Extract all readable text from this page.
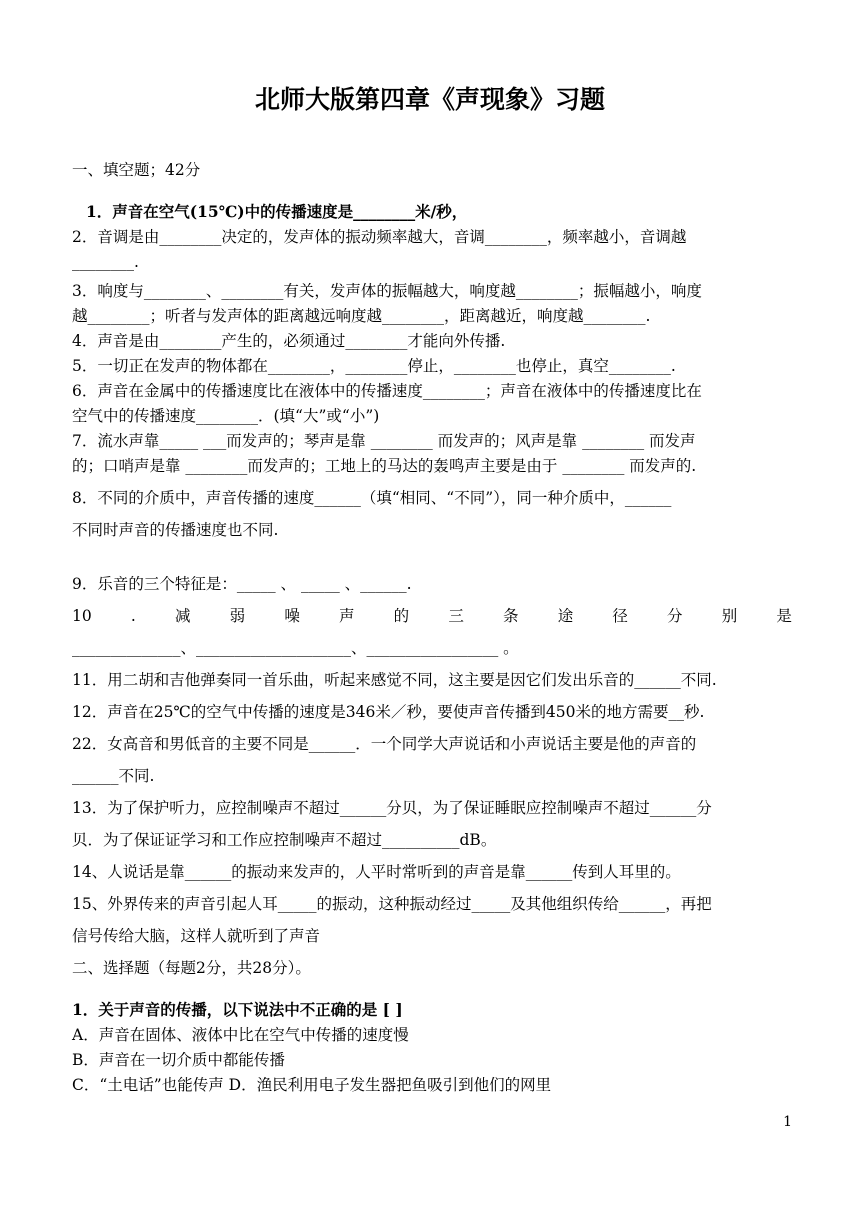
北师大版第四章《声现象》习题
一、填空题；42分
1．声音在空气(15℃)中的传播速度是________米/秒，
2．音调是由________决定的，发声体的振动频率越大，音调________，频率越小，音调越
________.
3．响度与________、________有关，发声体的振幅越大，响度越________；振幅越小，响度
越________；听者与发声体的距离越远响度越________，距离越近，响度越________.
4．声音是由________产生的，必须通过________才能向外传播.
5．一切正在发声的物体都在________，________停止，________也停止，真空________.
6．声音在金属中的传播速度比在液体中的传播速度________；声音在液体中的传播速度比在
空气中的传播速度________．(填“大”或“小”)
7．流水声靠_____ ___而发声的；琴声是靠 ________ 而发声的；风声是靠 ________ 而发声
的；口哨声是靠 ________而发声的；工地上的马达的轰鸣声主要是由于 ________ 而发声的.
8．不同的介质中，声音传播的速度______（填“相同、“不同”），同一种介质中，______
不同时声音的传播速度也不同.
9．乐音的三个特征是：_____ 、 _____ 、______.
10	.	减	弱	噪	声	的	三	条	途	径	分	别	是
______________、____________________、_________________ 。
11．用二胡和吉他弹奏同一首乐曲，听起来感觉不同，这主要是因它们发出乐音的______不同.
12．声音在25℃的空气中传播的速度是346米／秒，要使声音传播到450米的地方需要__秒.
22．女高音和男低音的主要不同是______．一个同学大声说话和小声说话主要是他的声音的
______不同.
13．为了保护听力，应控制噪声不超过______分贝，为了保证睡眠应控制噪声不超过______分
贝．为了保证证学习和工作应控制噪声不超过__________dB。
14、人说话是靠______的振动来发声的，人平时常听到的声音是靠______传到人耳里的。
15、外界传来的声音引起人耳_____的振动，这种振动经过_____及其他组织传给______，再把
信号传给大脑，这样人就听到了声音
二、选择题（每题2分，共28分）。
1．关于声音的传播，以下说法中不正确的是 [ ]
A．声音在固体、液体中比在空气中传播的速度慢
B．声音在一切介质中都能传播
C．“土电话”也能传声 D．渔民利用电子发生器把鱼吸引到他们的网里
1
